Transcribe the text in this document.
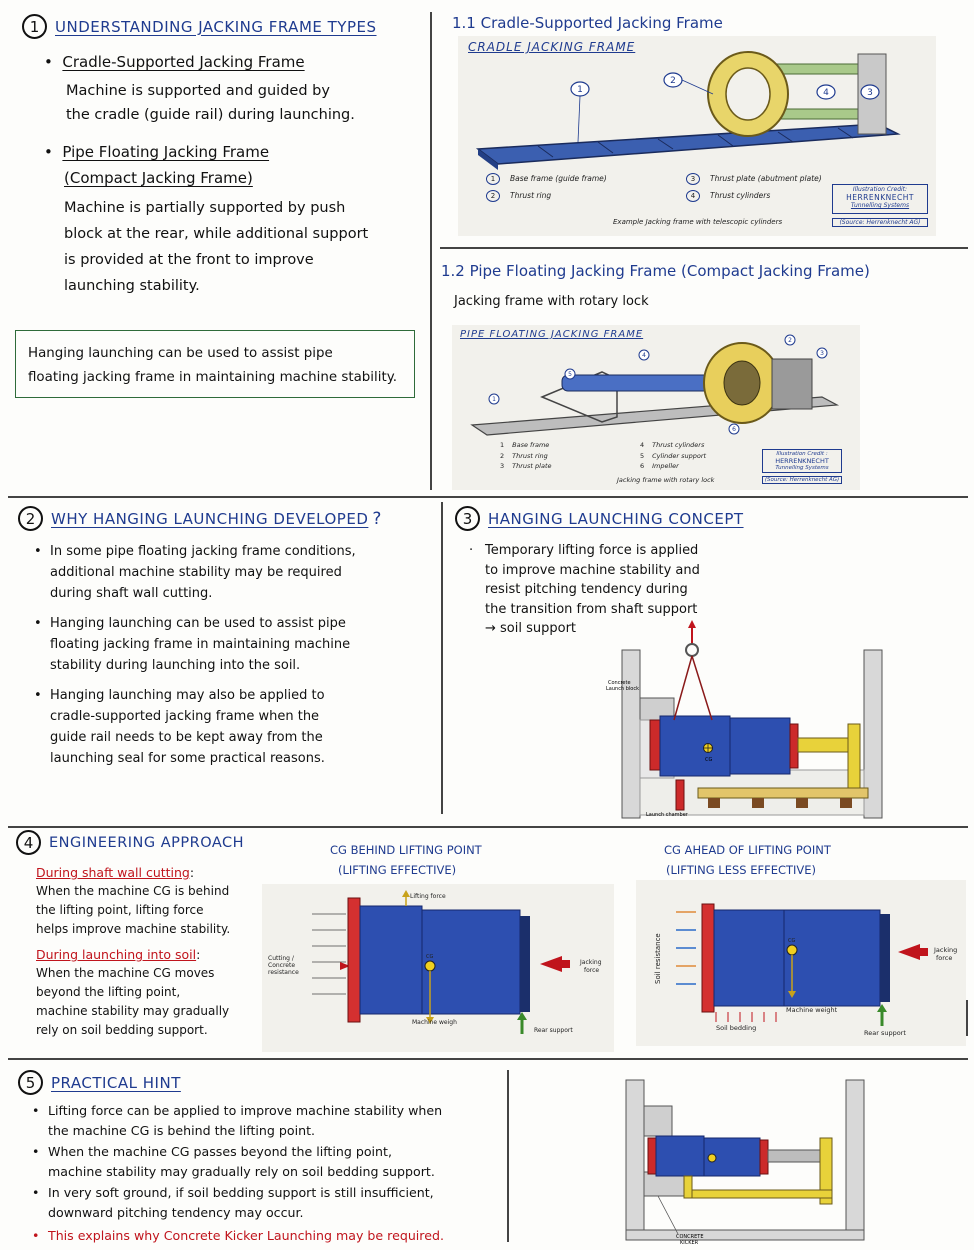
1	UNDERSTANDING JACKING FRAME TYPES
•  Cradle-Supported Jacking Frame
Machine is supported and guided by
the cradle (guide rail) during launching.
•  Pipe Floating Jacking Frame
(Compact Jacking Frame)
Machine is partially supported by push
block at the rear, while additional support
is provided at the front to improve
launching stability.
Hanging launching can be used to assist pipe
floating jacking frame in maintaining machine stability.
1.1 Cradle-Supported Jacking Frame
CRADLE JACKING FRAME
1
2
4	3
1 Base frame (guide frame)
2 Thrust ring
3 Thrust plate (abutment plate)
4 Thrust cylinders
Example Jacking frame with telescopic cylinders
Illustration Credit:
HERRENKNECHT
Tunnelling Systems
(Source: Herrenknecht AG)
1.2 Pipe Floating Jacking Frame (Compact Jacking Frame)
Jacking frame with rotary lock
PIPE FLOATING JACKING FRAME
1
5
4
2
3
6
1 Base frame
2 Thrust ring
3 Thrust plate
4 Thrust cylinders
5 Cylinder support
6 Impeller
Jacking frame with rotary lock
Illustration Credit :
HERRENKNECHT
Tunnelling Systems
(Source: Herrenknecht AG)
2	WHY HANGING LAUNCHING DEVELOPED ?
• In some pipe floating jacking frame conditions,
additional machine stability may be required
during shaft wall cutting.
• Hanging launching can be used to assist pipe
floating jacking frame in maintaining machine
stability during launching into the soil.
• Hanging launching may also be applied to
cradle-supported jacking frame when the
guide rail needs to be kept away from the
launching seal for some practical reasons.
3	HANGING LAUNCHING CONCEPT
· Temporary lifting force is applied
to improve machine stability and
resist pitching tendency during
the transition from shaft support
→ soil support
CG
Concrete
Launch block
Launch chamber
4	ENGINEERING APPROACH
During shaft wall cutting:
When the machine CG is behind
the lifting point, lifting force
helps improve machine stability.
During launching into soil:
When the machine CG moves
beyond the lifting point,
machine stability may gradually
rely on soil bedding support.
CG BEHIND LIFTING POINT
(LIFTING EFFECTIVE)
Lifting force
Cutting /
Concrete
resistance
Jacking
force
Machine weigh
Rear support
CG
CG AHEAD OF LIFTING POINT
(LIFTING LESS EFFECTIVE)
Jacking
force
Machine weight
Soil bedding
Rear support
CG
Soil resistance
5	PRACTICAL HINT
• Lifting force can be applied to improve machine stability when
the machine CG is behind the lifting point.
• When the machine CG passes beyond the lifting point,
machine stability may gradually rely on soil bedding support.
• In very soft ground, if soil bedding support is still insufficient,
downward pitching tendency may occur.
• This explains why Concrete Kicker Launching may be required.	CONCRETE
KICKER
